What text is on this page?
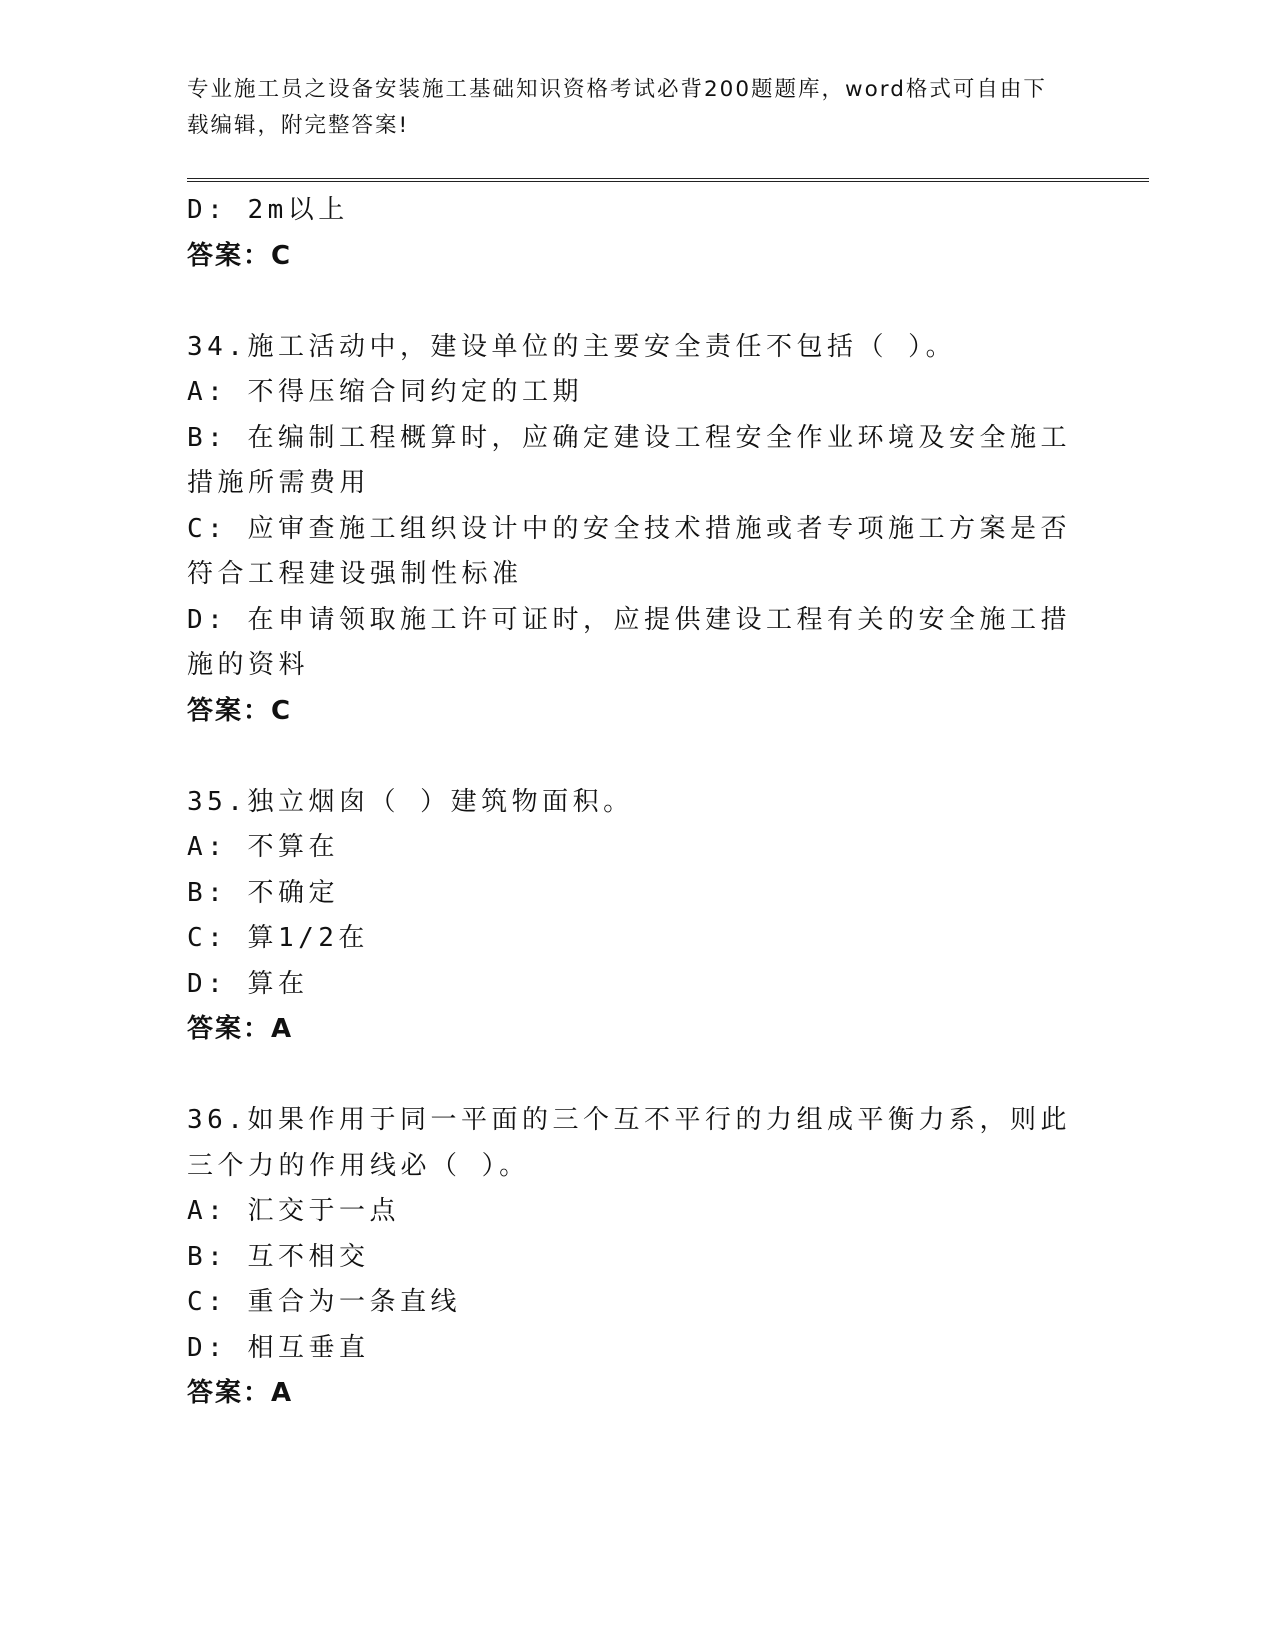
专业施工员之设备安装施工基础知识资格考试必背200题题库，word格式可自由下载编辑，附完整答案!
D: 2m以上
答案：C
34.施工活动中，建设单位的主要安全责任不包括（ ）。
A: 不得压缩合同约定的工期
B: 在编制工程概算时，应确定建设工程安全作业环境及安全施工措施所需费用
C: 应审查施工组织设计中的安全技术措施或者专项施工方案是否符合工程建设强制性标准
D: 在申请领取施工许可证时，应提供建设工程有关的安全施工措施的资料
答案：C
35.独立烟囱（ ）建筑物面积。
A: 不算在
B: 不确定
C: 算1/2在
D: 算在
答案：A
36.如果作用于同一平面的三个互不平行的力组成平衡力系，则此三个力的作用线必（ ）。
A: 汇交于一点
B: 互不相交
C: 重合为一条直线
D: 相互垂直
答案：A
